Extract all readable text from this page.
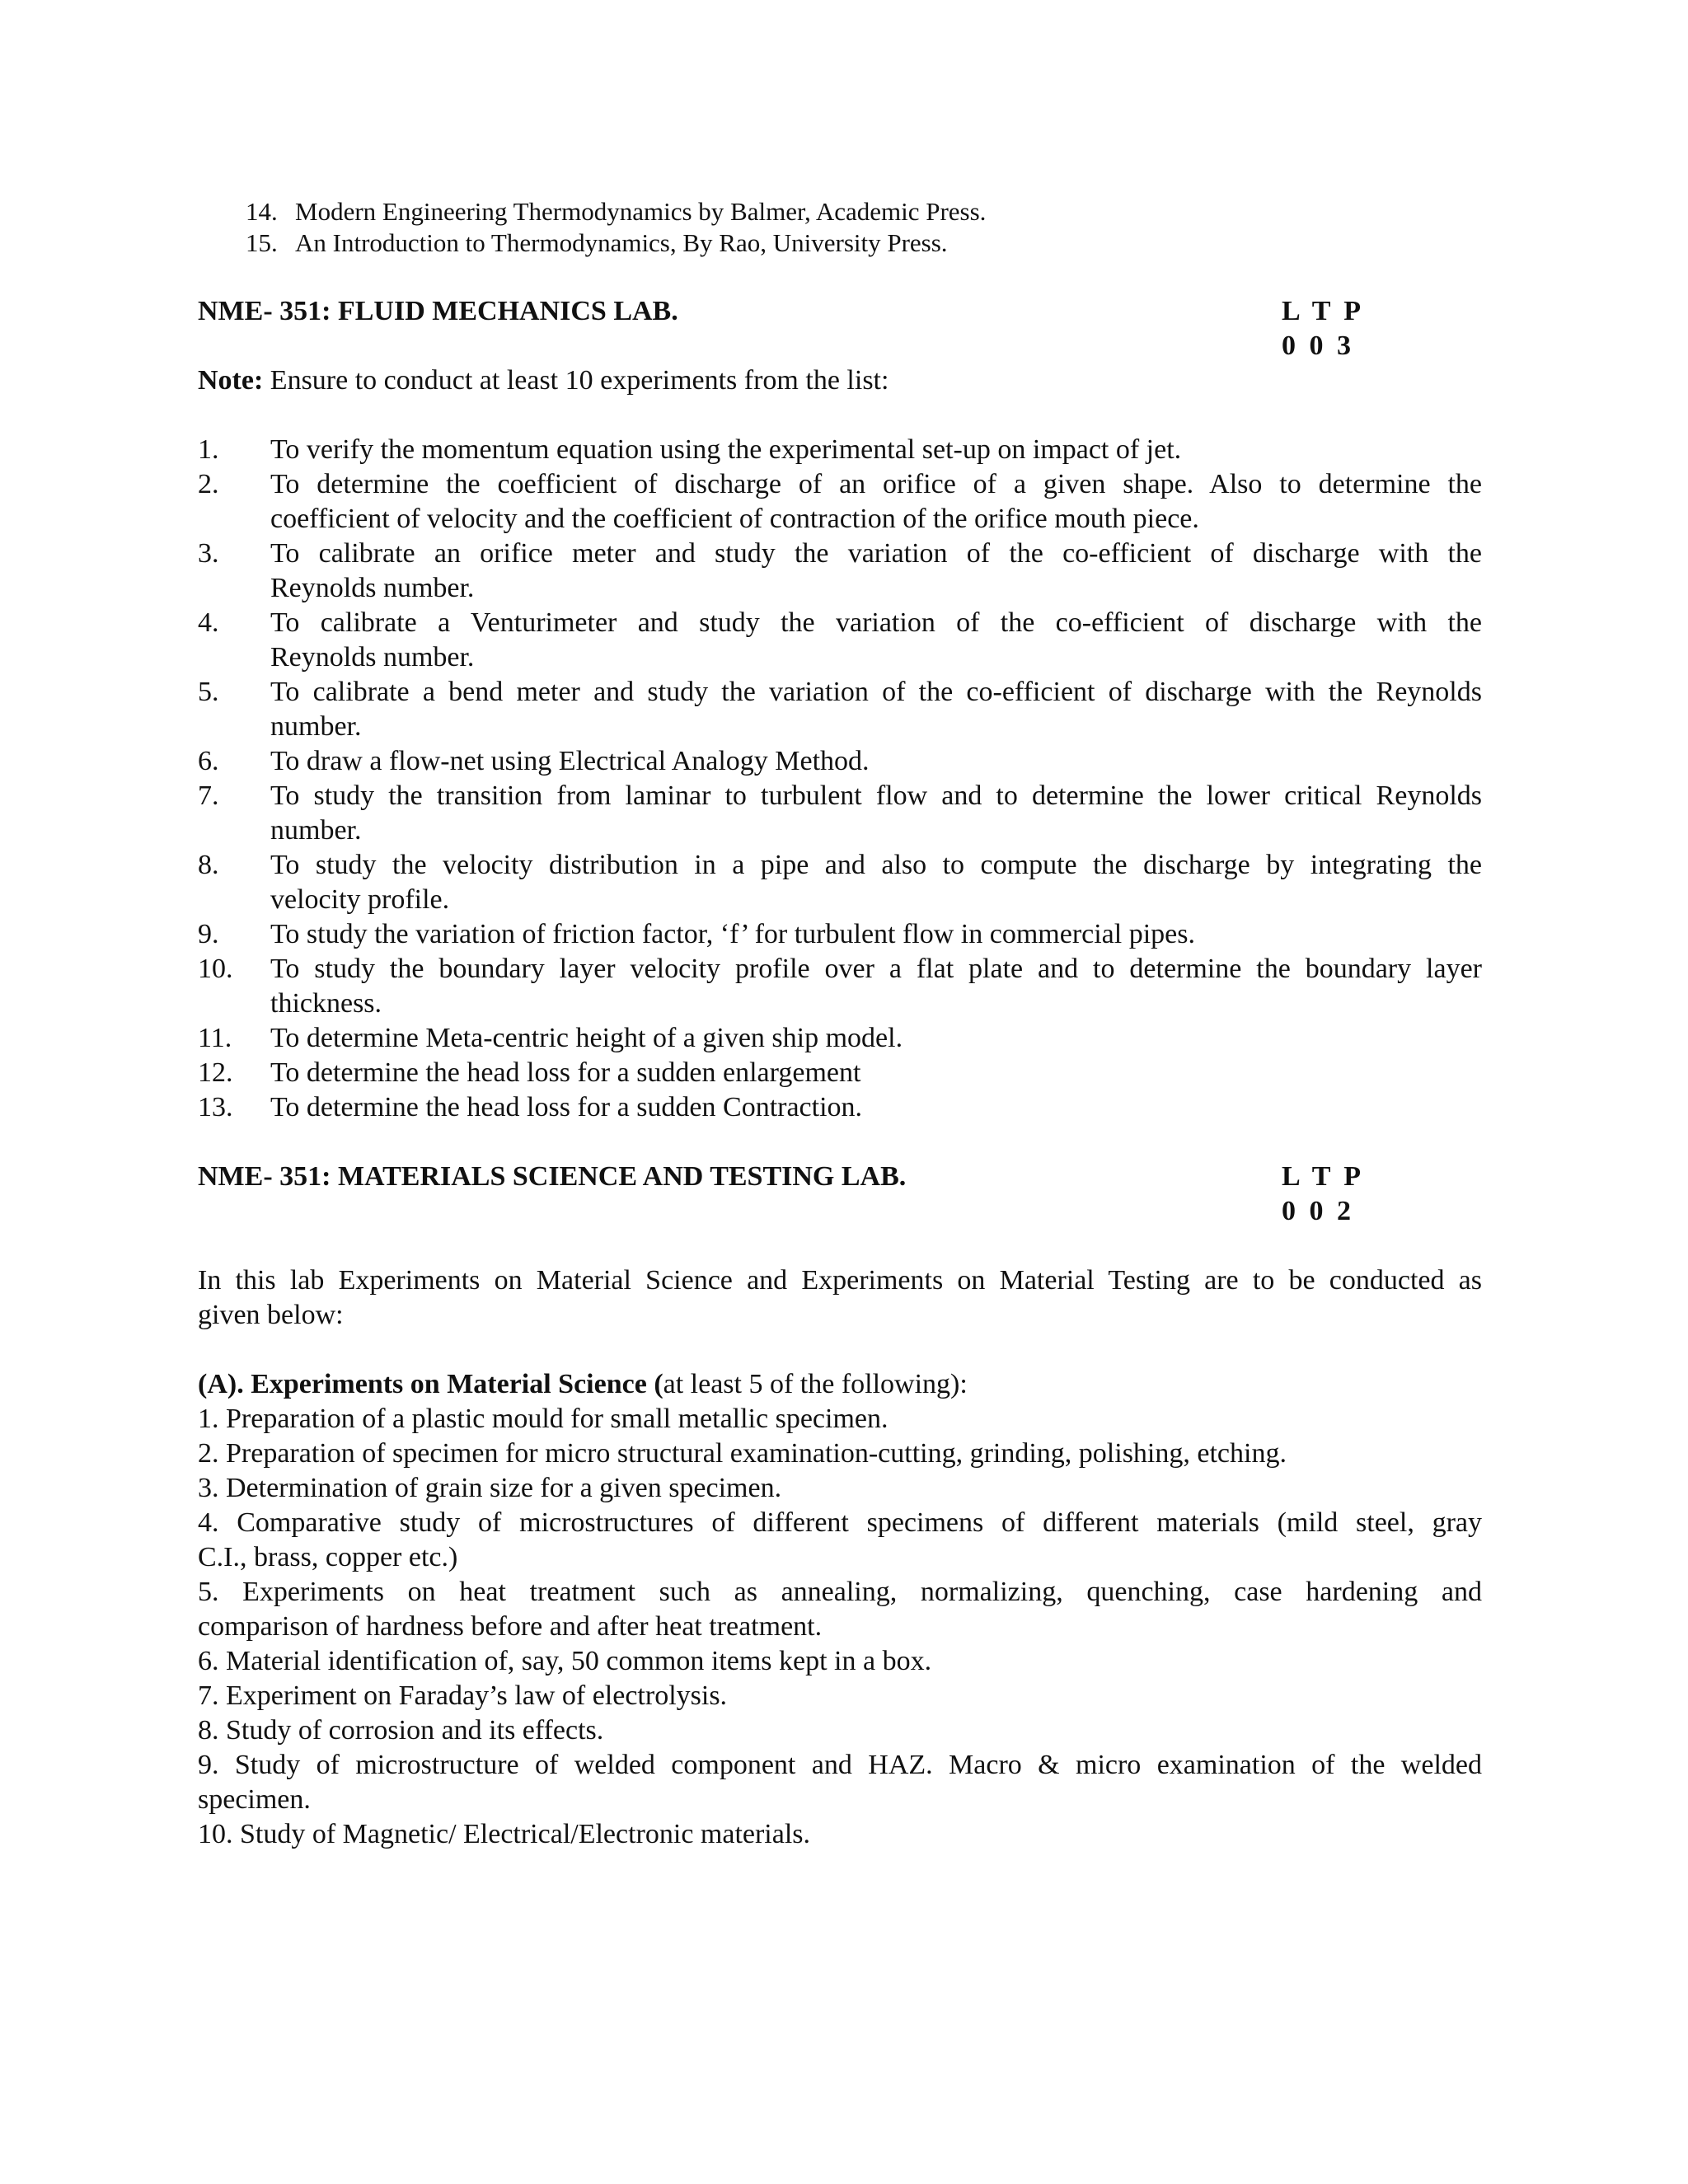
14. Modern Engineering Thermodynamics by Balmer, Academic Press.
15. An Introduction to Thermodynamics, By Rao, University Press.
NME- 351: FLUID MECHANICS LAB.	L T P
0 0 3
Note: Ensure to conduct at least 10 experiments from the list:
1. To verify the momentum equation using the experimental set-up on impact of jet.
2. To determine the coefficient of discharge of an orifice of a given shape. Also to determine the
coefficient of velocity and the coefficient of contraction of the orifice mouth piece.
3. To calibrate an orifice meter and study the variation of the co-efficient of discharge with the
Reynolds number.
4. To calibrate a Venturimeter and study the variation of the co-efficient of discharge with the
Reynolds number.
5. To calibrate a bend meter and study the variation of the co-efficient of discharge with the Reynolds
number.
6. To draw a flow-net using Electrical Analogy Method.
7. To study the transition from laminar to turbulent flow and to determine the lower critical Reynolds
number.
8. To study the velocity distribution in a pipe and also to compute the discharge by integrating the
velocity profile.
9. To study the variation of friction factor, ‘f’ for turbulent flow in commercial pipes.
10. To study the boundary layer velocity profile over a flat plate and to determine the boundary layer
thickness.
11. To determine Meta-centric height of a given ship model.
12. To determine the head loss for a sudden enlargement
13. To determine the head loss for a sudden Contraction.
NME- 351: MATERIALS SCIENCE AND TESTING LAB.	L T P
0 0 2
In this lab Experiments on Material Science and Experiments on Material Testing are to be conducted as
given below:
(A). Experiments on Material Science (at least 5 of the following):
1. Preparation of a plastic mould for small metallic specimen.
2. Preparation of specimen for micro structural examination-cutting, grinding, polishing, etching.
3. Determination of grain size for a given specimen.
4. Comparative study of microstructures of different specimens of different materials (mild steel, gray
C.I., brass, copper etc.)
5. Experiments on heat treatment such as annealing, normalizing, quenching, case hardening and
comparison of hardness before and after heat treatment.
6. Material identification of, say, 50 common items kept in a box.
7. Experiment on Faraday’s law of electrolysis.
8. Study of corrosion and its effects.
9. Study of microstructure of welded component and HAZ. Macro & micro examination of the welded
specimen.
10. Study of Magnetic/ Electrical/Electronic materials.
